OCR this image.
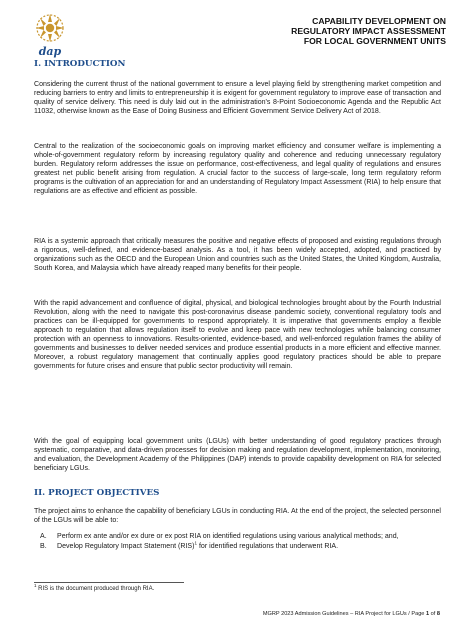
dap
CAPABILITY DEVELOPMENT ON
REGULATORY IMPACT ASSESSMENT
FOR LOCAL GOVERNMENT UNITS
I. INTRODUCTION
Considering the current thrust of the national government to ensure a level playing field by strengthening market competition and reducing barriers to entry and limits to entrepreneurship it is exigent for government regulatory to improve ease of transaction and quality of service delivery. This need is duly laid out in the administration's 8-Point Socioeconomic Agenda and the Republic Act 11032, otherwise known as the Ease of Doing Business and Efficient Government Service Delivery Act of 2018.
Central to the realization of the socioeconomic goals on improving market efficiency and consumer welfare is implementing a whole-of-government regulatory reform by increasing regulatory quality and coherence and reducing unnecessary regulatory burden. Regulatory reform addresses the issue on performance, cost-effectiveness, and legal quality of regulations and ensures greatest net public benefit arising from regulation. A crucial factor to the success of large-scale, long term regulatory reform programs is the cultivation of an appreciation for and an understanding of Regulatory Impact Assessment (RIA) to help ensure that regulations are as effective and efficient as possible.
RIA is a systemic approach that critically measures the positive and negative effects of proposed and existing regulations through a rigorous, well-defined, and evidence-based analysis. As a tool, it has been widely accepted, adopted, and practiced by organizations such as the OECD and the European Union and countries such as the United States, the United Kingdom, Australia, South Korea, and Malaysia which have already reaped many benefits for their people.
With the rapid advancement and confluence of digital, physical, and biological technologies brought about by the Fourth Industrial Revolution, along with the need to navigate this post-coronavirus disease pandemic society, conventional regulatory tools and practices can be ill-equipped for governments to respond appropriately. It is imperative that governments employ a flexible approach to regulation that allows regulation itself to evolve and keep pace with new technologies while balancing consumer protection with an openness to innovations. Results-oriented, evidence-based, and well-enforced regulation frames the ability of governments and businesses to deliver needed services and produce essential products in a more efficient and effective manner. Moreover, a robust regulatory management that continually applies good regulatory practices should be able to prepare governments for future crises and ensure that public sector productivity will remain.
With the goal of equipping local government units (LGUs) with better understanding of good regulatory practices through systematic, comparative, and data-driven processes for decision making and regulation development, implementation, monitoring, and evaluation, the Development Academy of the Philippines (DAP) intends to provide capability development on RIA for selected beneficiary LGUs.
II. PROJECT OBJECTIVES
The project aims to enhance the capability of beneficiary LGUs in conducting RIA. At the end of the project, the selected personnel of the LGUs will be able to:
A.	Perform ex ante and/or ex dure or ex post RIA on identified regulations using various analytical methods; and,
B.	Develop Regulatory Impact Statement (RIS)$^1$ for identified regulations that underwent RIA.
$^1$ RIS is the document produced through RIA.
MGRP 2023 Admission Guidelines – RIA Project for LGUs / Page 1 of 8
